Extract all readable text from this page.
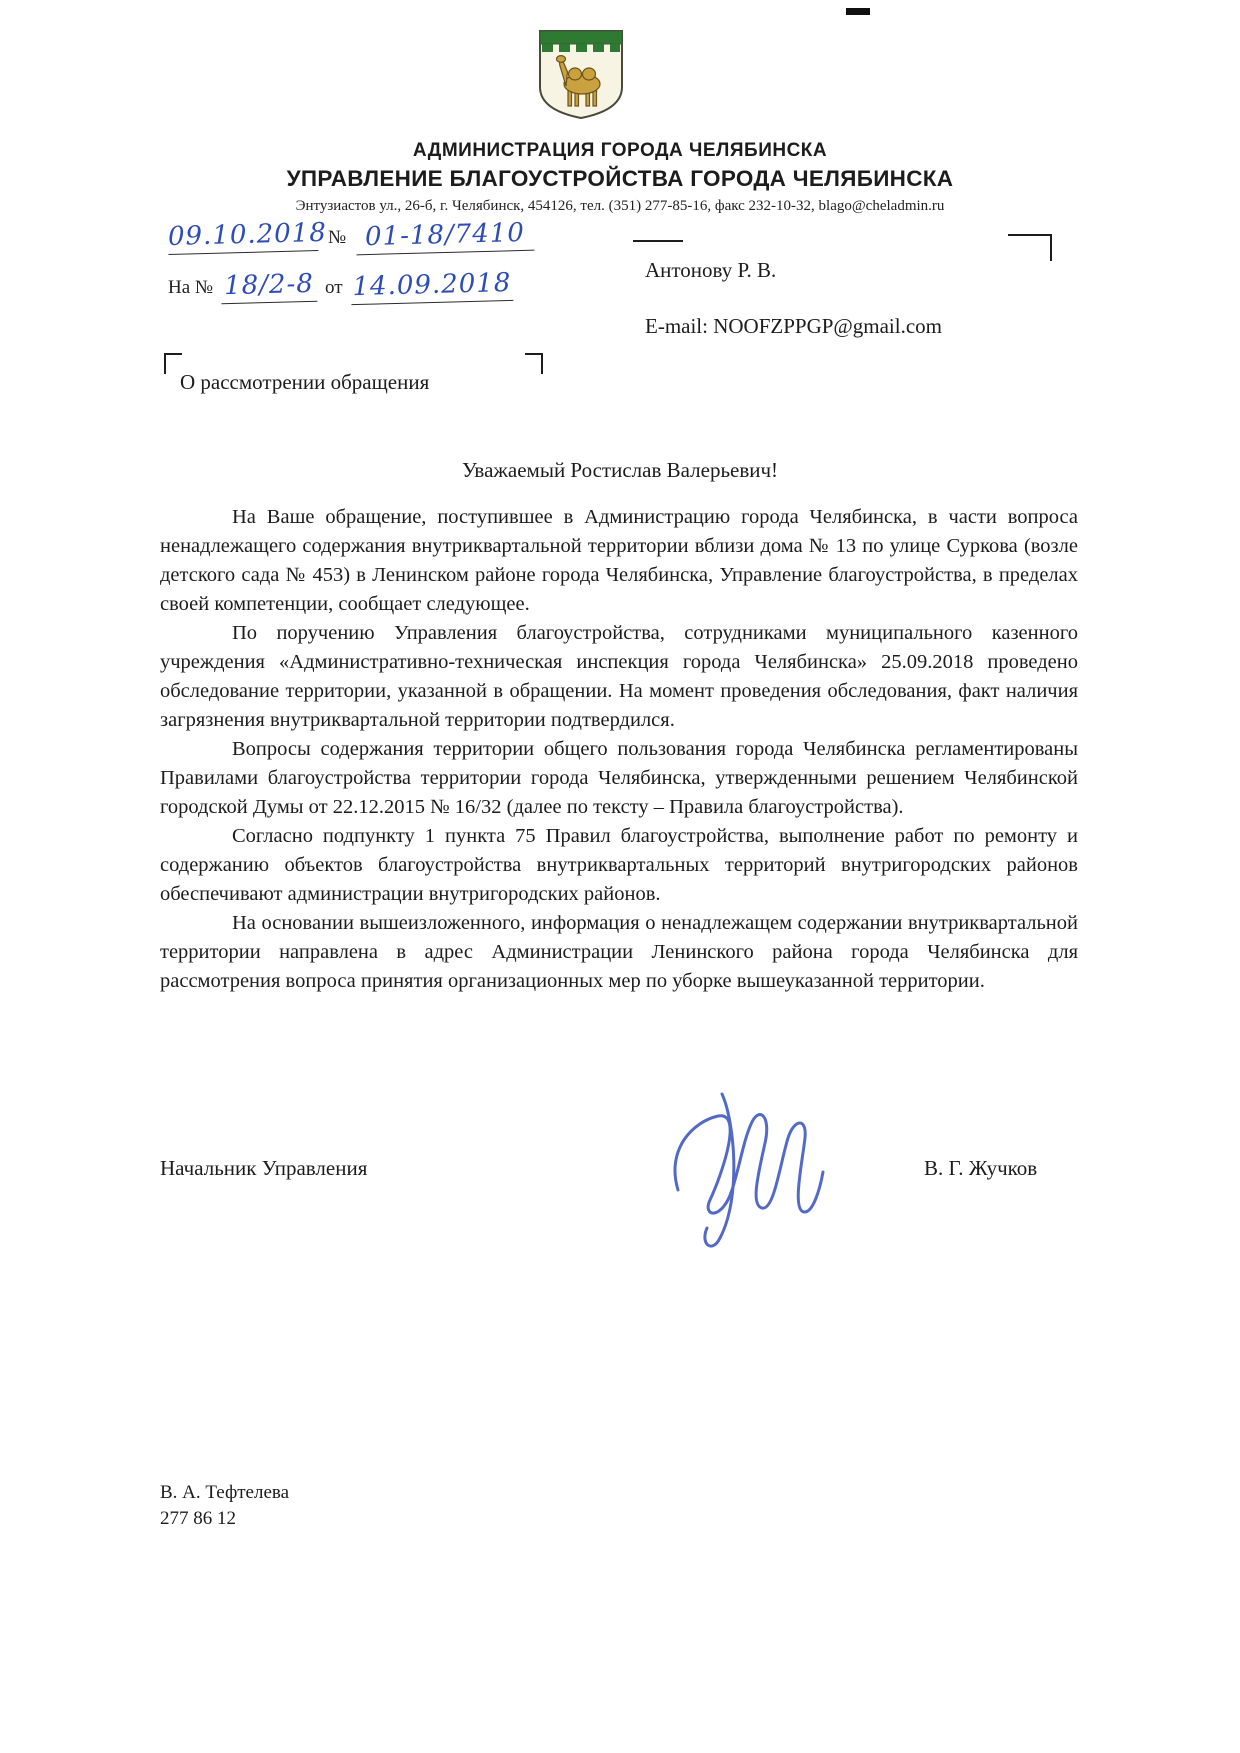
АДМИНИСТРАЦИЯ ГОРОДА ЧЕЛЯБИНСКА
УПРАВЛЕНИЕ БЛАГОУСТРОЙСТВА ГОРОДА ЧЕЛЯБИНСКА
Энтузиастов ул., 26-б, г. Челябинск, 454126, тел. (351) 277-85-16, факс 232-10-32, blago@cheladmin.ru
09.10.2018 № 01-18/7410
На № 18/2-8 от 14.09.2018	Антонову Р. В.
E-mail: NOOFZPPGP@gmail.com
О рассмотрении обращения
Уважаемый Ростислав Валерьевич!

На Ваше обращение, поступившее в Администрацию города Челябинска, в части вопроса ненадлежащего содержания внутриквартальной территории вблизи дома № 13 по улице Суркова (возле детского сада № 453) в Ленинском районе города Челябинска, Управление благоустройства, в пределах своей компетенции, сообщает следующее.

По поручению Управления благоустройства, сотрудниками муниципального казенного учреждения «Административно-техническая инспекция города Челябинска» 25.09.2018 проведено обследование территории, указанной в обращении. На момент проведения обследования, факт наличия загрязнения внутриквартальной территории подтвердился.

Вопросы содержания территории общего пользования города Челябинска регламентированы Правилами благоустройства территории города Челябинска, утвержденными решением Челябинской городской Думы от 22.12.2015 № 16/32 (далее по тексту – Правила благоустройства).

Согласно подпункту 1 пункта 75 Правил благоустройства, выполнение работ по ремонту и содержанию объектов благоустройства внутриквартальных территорий внутригородских районов обеспечивают администрации внутригородских районов.

На основании вышеизложенного, информация о ненадлежащем содержании внутриквартальной территории направлена в адрес Администрации Ленинского района города Челябинска для рассмотрения вопроса принятия организационных мер по уборке вышеуказанной территории.

Начальник Управления	В. Г. Жучков
В. А. Тефтелева
277 86 12
